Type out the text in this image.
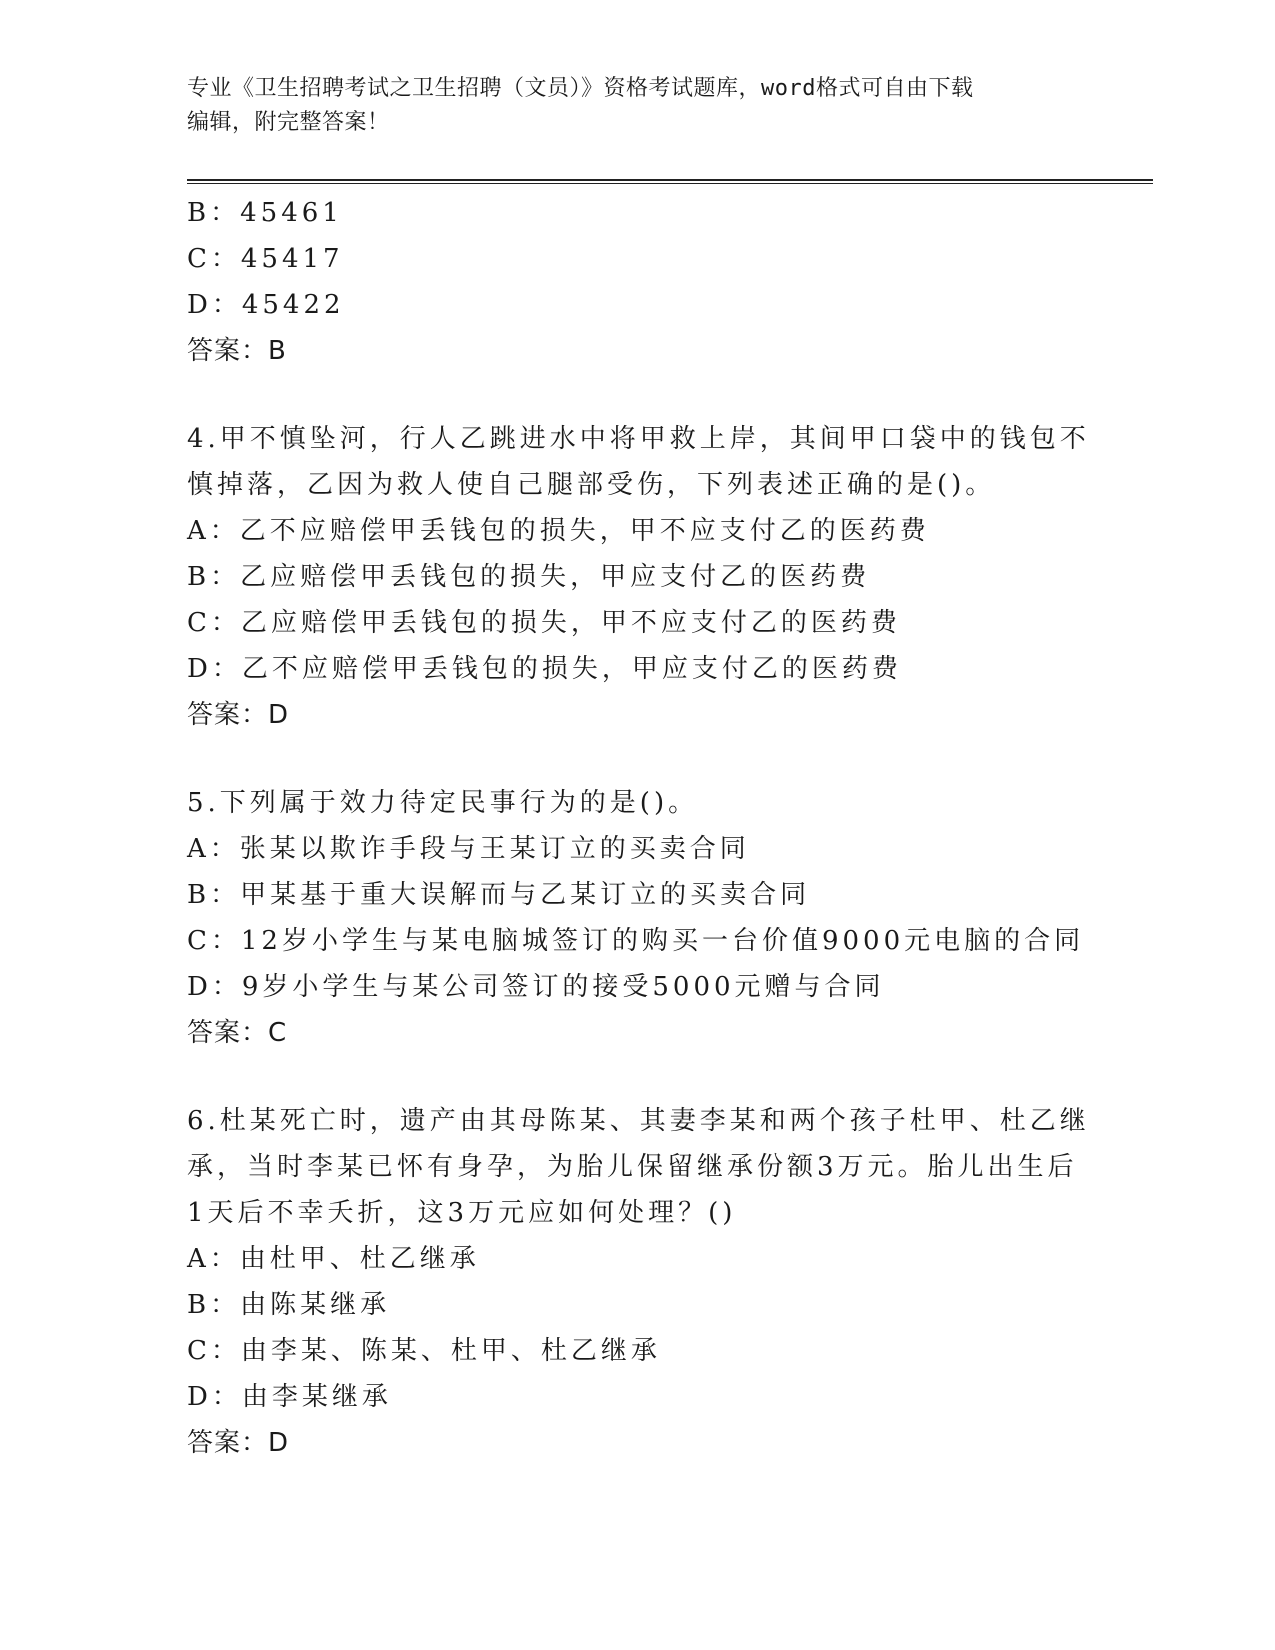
专业《卫生招聘考试之卫生招聘（文员）》资格考试题库，word格式可自由下载
编辑，附完整答案！
B：45461
C：45417
D：45422
答案：B
4.甲不慎坠河，行人乙跳进水中将甲救上岸，其间甲口袋中的钱包不
慎掉落，乙因为救人使自己腿部受伤，下列表述正确的是()。
A：乙不应赔偿甲丢钱包的损失，甲不应支付乙的医药费
B：乙应赔偿甲丢钱包的损失，甲应支付乙的医药费
C：乙应赔偿甲丢钱包的损失，甲不应支付乙的医药费
D：乙不应赔偿甲丢钱包的损失，甲应支付乙的医药费
答案：D
5.下列属于效力待定民事行为的是()。
A：张某以欺诈手段与王某订立的买卖合同
B：甲某基于重大误解而与乙某订立的买卖合同
C：12岁小学生与某电脑城签订的购买一台价值9000元电脑的合同
D：9岁小学生与某公司签订的接受5000元赠与合同
答案：C
6.杜某死亡时，遗产由其母陈某、其妻李某和两个孩子杜甲、杜乙继
承，当时李某已怀有身孕，为胎儿保留继承份额3万元。胎儿出生后
1天后不幸夭折，这3万元应如何处理？()
A：由杜甲、杜乙继承
B：由陈某继承
C：由李某、陈某、杜甲、杜乙继承
D：由李某继承
答案：D
